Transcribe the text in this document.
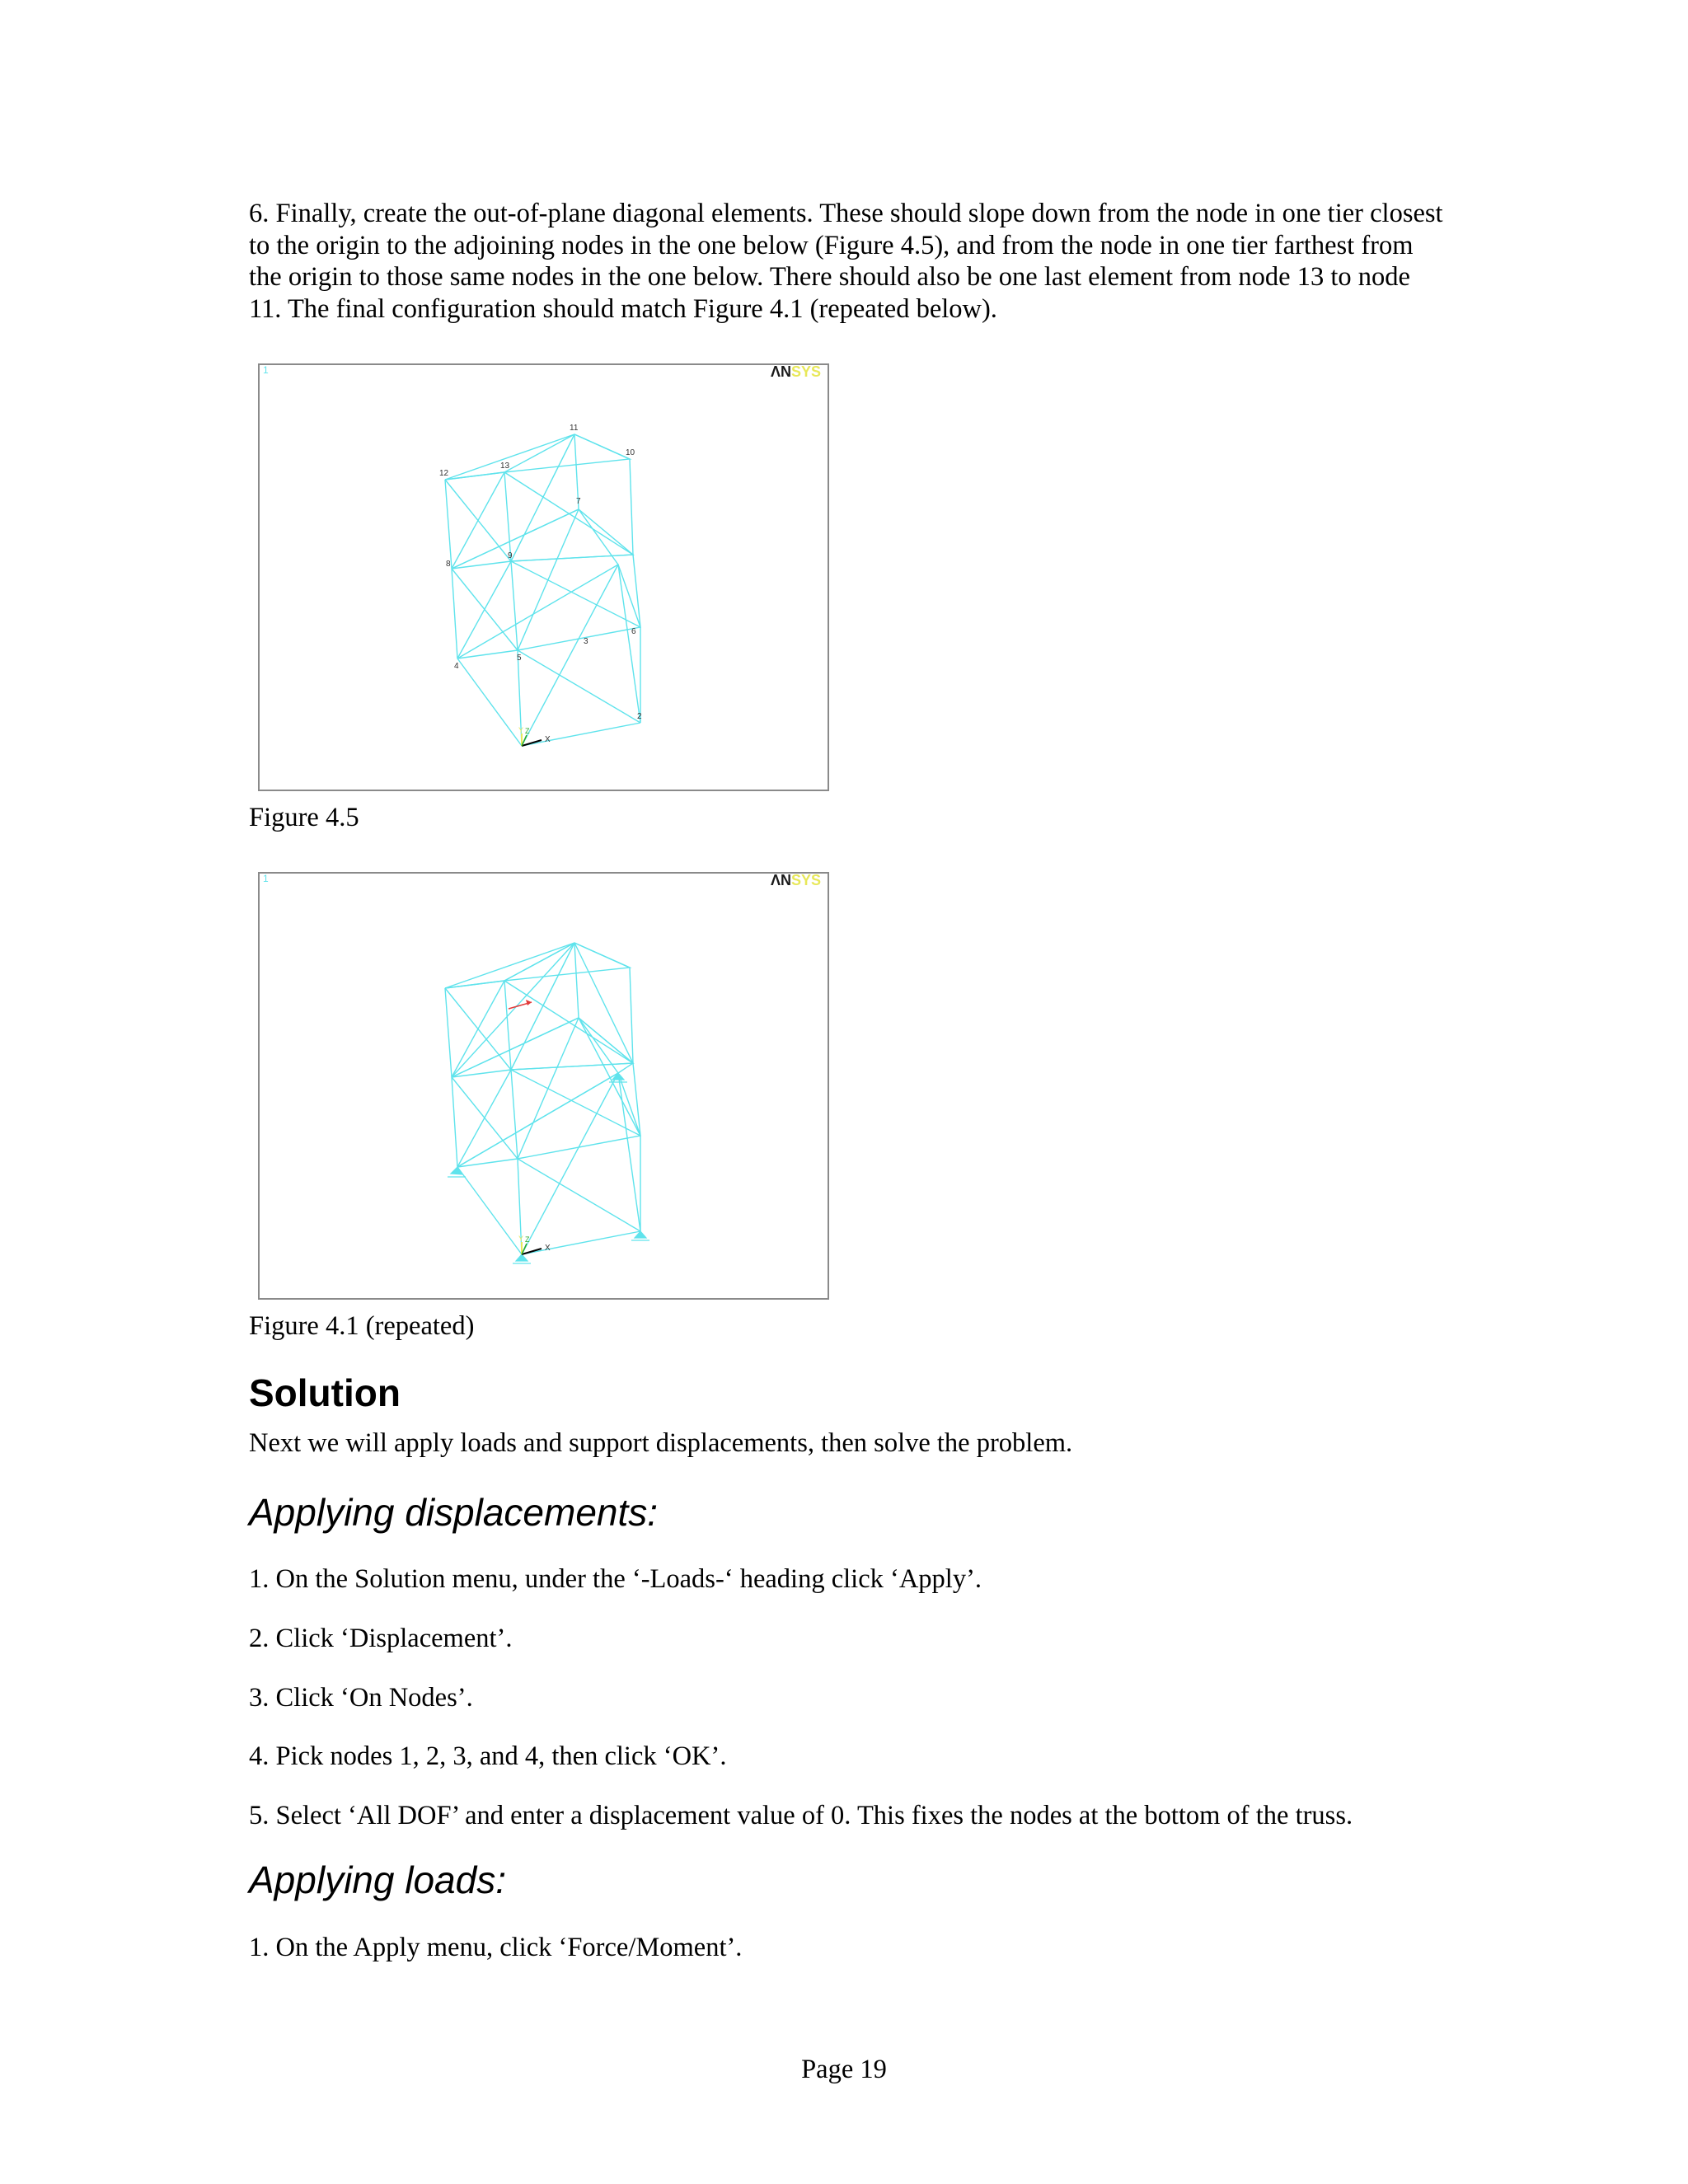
6. Finally, create the out-of-plane diagonal elements. These should slope down from the node in one tier closest to the origin to the adjoining nodes in the one below (Figure 4.5), and from the node in one tier farthest from the origin to those same nodes in the one below. There should also be one last element from node 13 to node 11. The final configuration should match Figure 4.1 (repeated below).

1	ΛNSYS
11
13
12
10
7
9
8
6
3
5
4
2
Y Z
X

Figure 4.5

1	ΛNSYS
Y Z
X

Figure 4.1 (repeated)

Solution

Next we will apply loads and support displacements, then solve the problem.

Applying displacements:

1. On the Solution menu, under the ‘-Loads-‘ heading click ‘Apply’.

2. Click ‘Displacement’.

3. Click ‘On Nodes’.

4. Pick nodes 1, 2, 3, and 4, then click ‘OK’.

5. Select ‘All DOF’ and enter a displacement value of 0. This fixes the nodes at the bottom of the truss.

Applying loads:

1. On the Apply menu, click ‘Force/Moment’.

Page 19
